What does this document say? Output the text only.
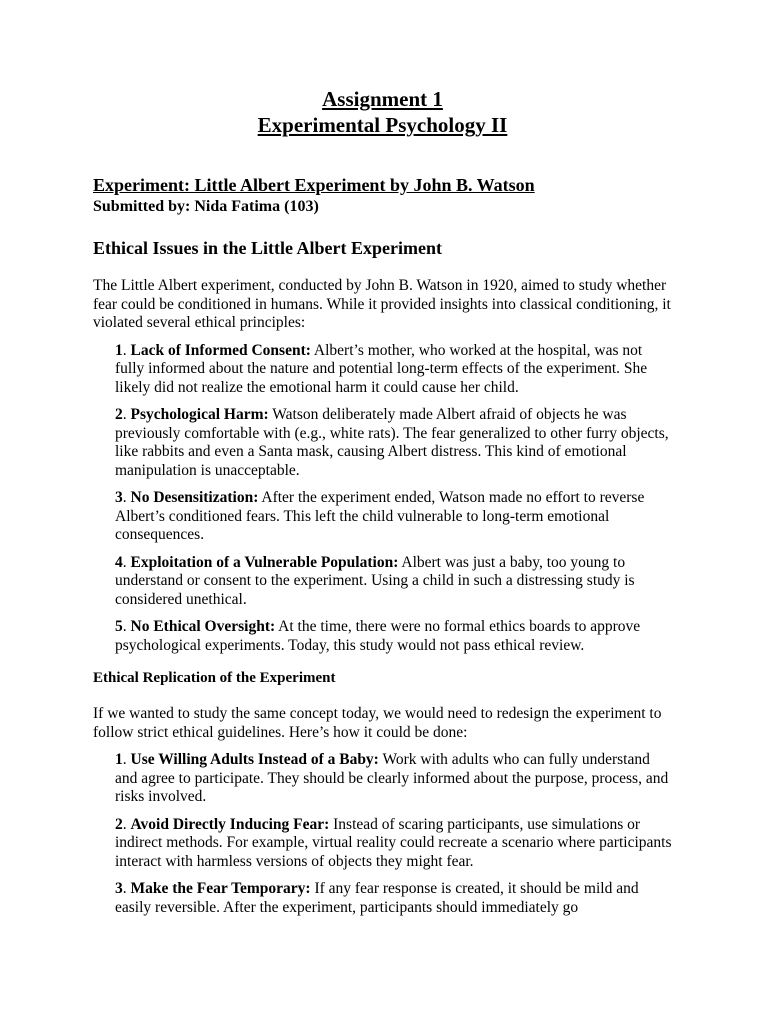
Assignment 1
Experimental Psychology II
Experiment: Little Albert Experiment by John B. Watson
Submitted by: Nida Fatima (103)
Ethical Issues in the Little Albert Experiment
The Little Albert experiment, conducted by John B. Watson in 1920, aimed to study whether fear could be conditioned in humans. While it provided insights into classical conditioning, it violated several ethical principles:
1. Lack of Informed Consent: Albert’s mother, who worked at the hospital, was not fully informed about the nature and potential long-term effects of the experiment. She likely did not realize the emotional harm it could cause her child.
2. Psychological Harm: Watson deliberately made Albert afraid of objects he was previously comfortable with (e.g., white rats). The fear generalized to other furry objects, like rabbits and even a Santa mask, causing Albert distress. This kind of emotional manipulation is unacceptable.
3. No Desensitization: After the experiment ended, Watson made no effort to reverse Albert’s conditioned fears. This left the child vulnerable to long-term emotional consequences.
4. Exploitation of a Vulnerable Population: Albert was just a baby, too young to understand or consent to the experiment. Using a child in such a distressing study is considered unethical.
5. No Ethical Oversight: At the time, there were no formal ethics boards to approve psychological experiments. Today, this study would not pass ethical review.
Ethical Replication of the Experiment
If we wanted to study the same concept today, we would need to redesign the experiment to follow strict ethical guidelines. Here’s how it could be done:
1. Use Willing Adults Instead of a Baby: Work with adults who can fully understand and agree to participate. They should be clearly informed about the purpose, process, and risks involved.
2. Avoid Directly Inducing Fear: Instead of scaring participants, use simulations or indirect methods. For example, virtual reality could recreate a scenario where participants interact with harmless versions of objects they might fear.
3. Make the Fear Temporary: If any fear response is created, it should be mild and easily reversible. After the experiment, participants should immediately go
